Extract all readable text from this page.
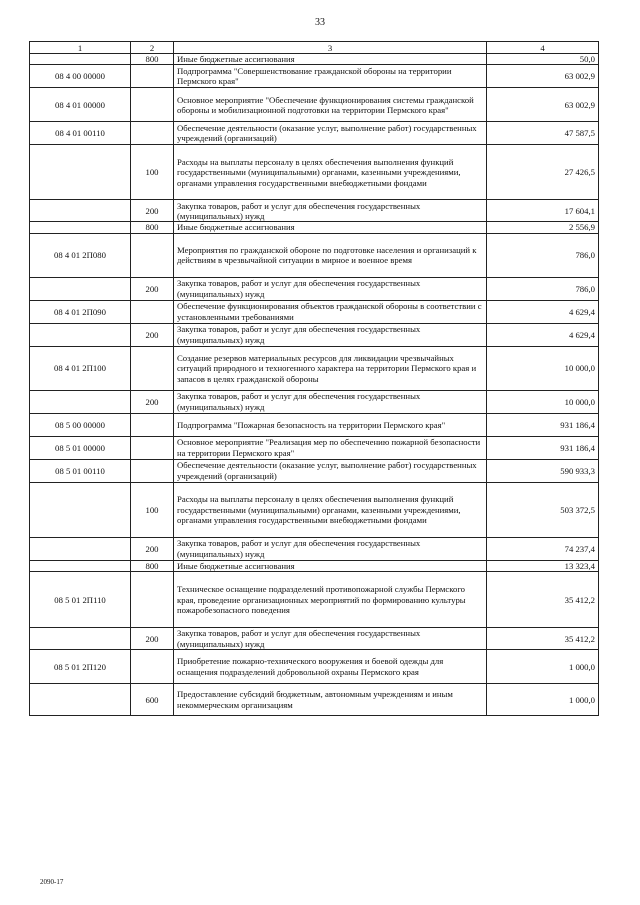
33
1	2	3	4
	800	Иные бюджетные ассигнования	50,0
08 4 00 00000		Подпрограмма "Совершенствование гражданской обороны на территории Пермского края"	63 002,9
08 4 01 00000		Основное мероприятие "Обеспечение функционирования системы гражданской обороны и мобилизационной подготовки на территории Пермского края"	63 002,9
08 4 01 00110		Обеспечение деятельности (оказание услуг, выполнение работ) государственных учреждений (организаций)	47 587,5
	100	Расходы на выплаты персоналу в целях обеспечения выполнения функций государственными (муниципальными) органами, казенными учреждениями, органами управления государственными внебюджетными фондами	27 426,5
	200	Закупка товаров, работ и услуг для обеспечения государственных (муниципальных) нужд	17 604,1
	800	Иные бюджетные ассигнования	2 556,9
08 4 01 2П080		Мероприятия по гражданской обороне по подготовке населения и организаций к действиям в чрезвычайной ситуации в мирное и военное время	786,0
	200	Закупка товаров, работ и услуг для обеспечения государственных (муниципальных) нужд	786,0
08 4 01 2П090		Обеспечение функционирования объектов гражданской обороны в соответствии с установленными требованиями	4 629,4
	200	Закупка товаров, работ и услуг для обеспечения государственных (муниципальных) нужд	4 629,4
08 4 01 2П100		Создание резервов материальных ресурсов для ликвидации чрезвычайных ситуаций природного и техногенного характера на территории Пермского края и запасов в целях гражданской обороны	10 000,0
	200	Закупка товаров, работ и услуг для обеспечения государственных (муниципальных) нужд	10 000,0
08 5 00 00000		Подпрограмма "Пожарная безопасность на территории Пермского края"	931 186,4
08 5 01 00000		Основное мероприятие "Реализация мер по обеспечению пожарной безопасности на территории Пермского края"	931 186,4
08 5 01 00110		Обеспечение деятельности (оказание услуг, выполнение работ) государственных учреждений (организаций)	590 933,3
	100	Расходы на выплаты персоналу в целях обеспечения выполнения функций государственными (муниципальными) органами, казенными учреждениями, органами управления государственными внебюджетными фондами	503 372,5
	200	Закупка товаров, работ и услуг для обеспечения государственных (муниципальных) нужд	74 237,4
	800	Иные бюджетные ассигнования	13 323,4
08 5 01 2П110		Техническое оснащение подразделений противопожарной службы Пермского края, проведение организационных мероприятий по формированию культуры пожаробезопасного поведения	35 412,2
	200	Закупка товаров, работ и услуг для обеспечения государственных (муниципальных) нужд	35 412,2
08 5 01 2П120		Приобретение пожарно-технического вооружения и боевой одежды для оснащения подразделений добровольной охраны Пермского края	1 000,0
	600	Предоставление субсидий бюджетным, автономным учреждениям и иным некоммерческим организациям	1 000,0
2090-17
